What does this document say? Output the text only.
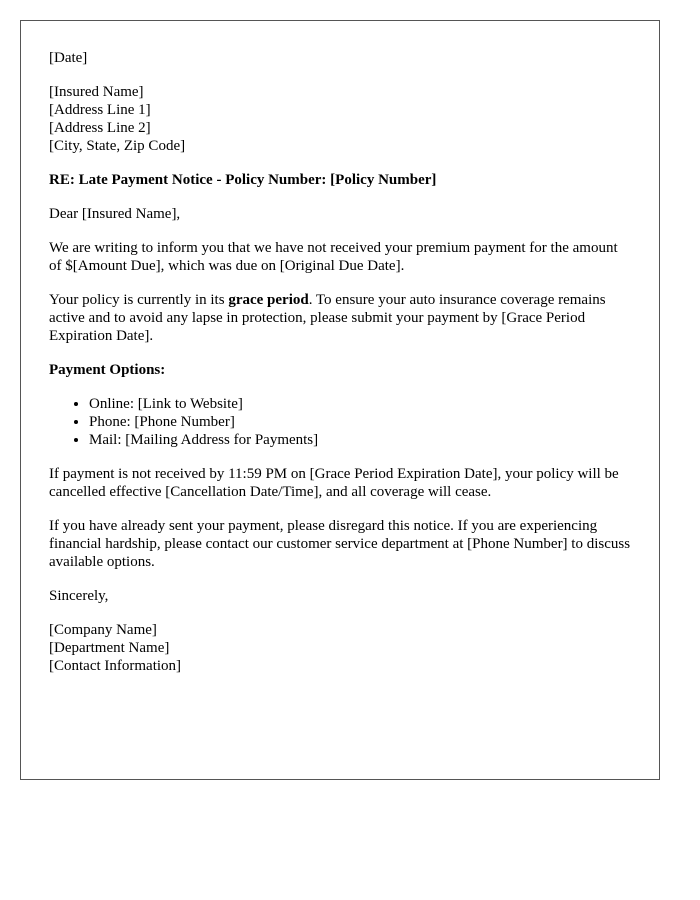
[Date]

[Insured Name]
[Address Line 1]
[Address Line 2]
[City, State, Zip Code]

RE: Late Payment Notice - Policy Number: [Policy Number]

Dear [Insured Name],

We are writing to inform you that we have not received your premium payment for the amount of $[Amount Due], which was due on [Original Due Date].

Your policy is currently in its grace period. To ensure your auto insurance coverage remains active and to avoid any lapse in protection, please submit your payment by [Grace Period Expiration Date].

Payment Options:

• Online: [Link to Website]
• Phone: [Phone Number]
• Mail: [Mailing Address for Payments]

If payment is not received by 11:59 PM on [Grace Period Expiration Date], your policy will be cancelled effective [Cancellation Date/Time], and all coverage will cease.

If you have already sent your payment, please disregard this notice. If you are experiencing financial hardship, please contact our customer service department at [Phone Number] to discuss available options.

Sincerely,

[Company Name]
[Department Name]
[Contact Information]
